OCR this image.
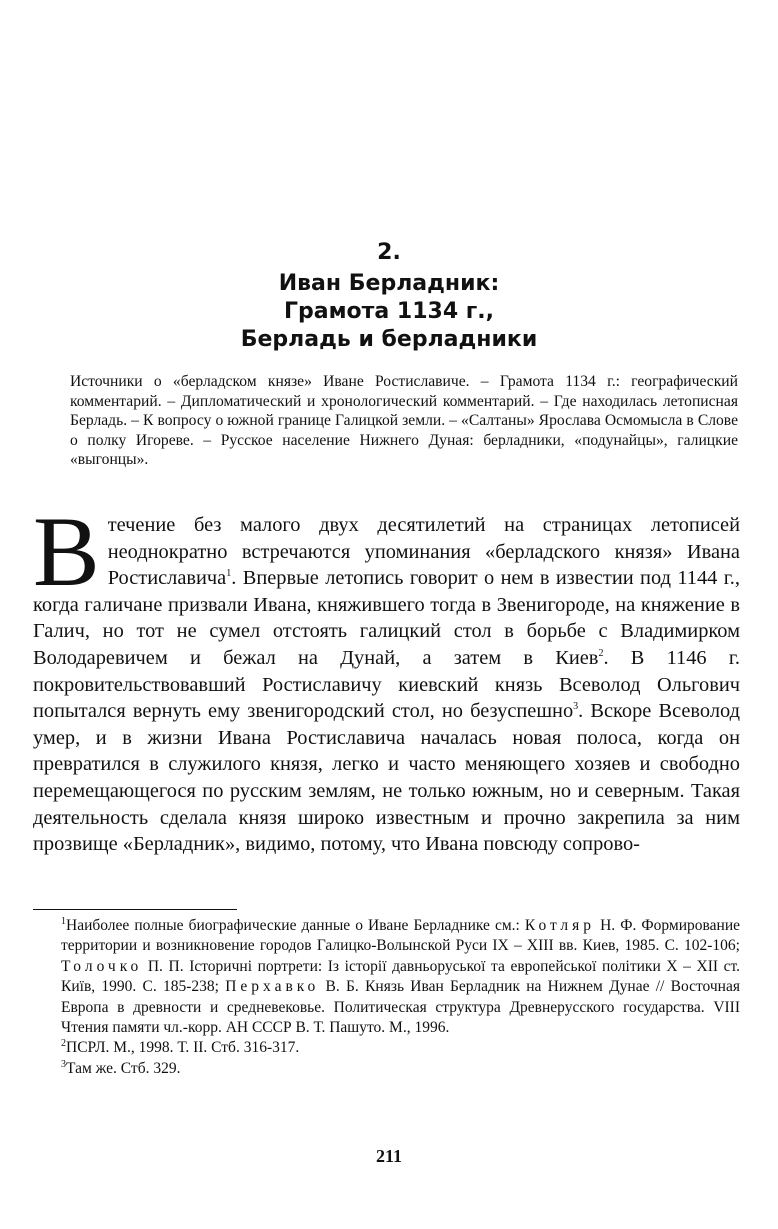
2.
Иван Берладник:
Грамота 1134 г.,
Берладь и берладники
Источники о «берладском князе» Иване Ростиславиче. – Грамота 1134 г.: географический комментарий. – Дипломатический и хронологический комментарий. – Где находилась летописная Берладь. – К вопросу о южной границе Галицкой земли. – «Салтаны» Ярослава Осмомысла в Слове о полку Игореве. – Русское население Нижнего Дуная: берладники, «подунайцы», галицкие «выгонцы».
Втечение без малого двух десятилетий на страницах летописей неоднократно встречаются упоминания «берладского князя» Ивана Ростиславича$^1$. Впервые летопись говорит о нем в известии под 1144 г., когда галичане призвали Ивана, княжившего тогда в Звенигороде, на княжение в Галич, но тот не сумел отстоять галицкий стол в борьбе с Владимирком Володаревичем и бежал на Дунай, а затем в Киев$^2$. В 1146 г. покровительствовавший Ростиславичу киевский князь Всеволод Ольгович попытался вернуть ему звенигородский стол, но безуспешно$^3$. Вскоре Всеволод умер, и в жизни Ивана Ростиславича началась новая полоса, когда он превратился в служилого князя, легко и часто меняющего хозяев и свободно перемещающегося по русским землям, не только южным, но и северным. Такая деятельность сделала князя широко известным и прочно закрепила за ним прозвище «Берладник», видимо, потому, что Ивана повсюду сопрово-

$^1$Наиболее полные биографические данные о Иване Берладнике см.: Котляр Н. Ф. Формирование территории и возникновение городов Галицко-Волынской Руси IX – XIII вв. Киев, 1985. С. 102-106; Толочко П. П. Історичні портрети: Із історії давньоруської та европейської політики X – XII ст. Київ, 1990. С. 185-238; Перхавко В. Б. Князь Иван Берладник на Нижнем Дунае // Восточная Европа в древности и средневековье. Политическая структура Древнерусского государства. VIII Чтения памяти чл.-корр. АН СССР В. Т. Пашуто. М., 1996.

$^2$ПСРЛ. М., 1998. Т. II. Стб. 316-317.

$^3$Там же. Стб. 329.

211
